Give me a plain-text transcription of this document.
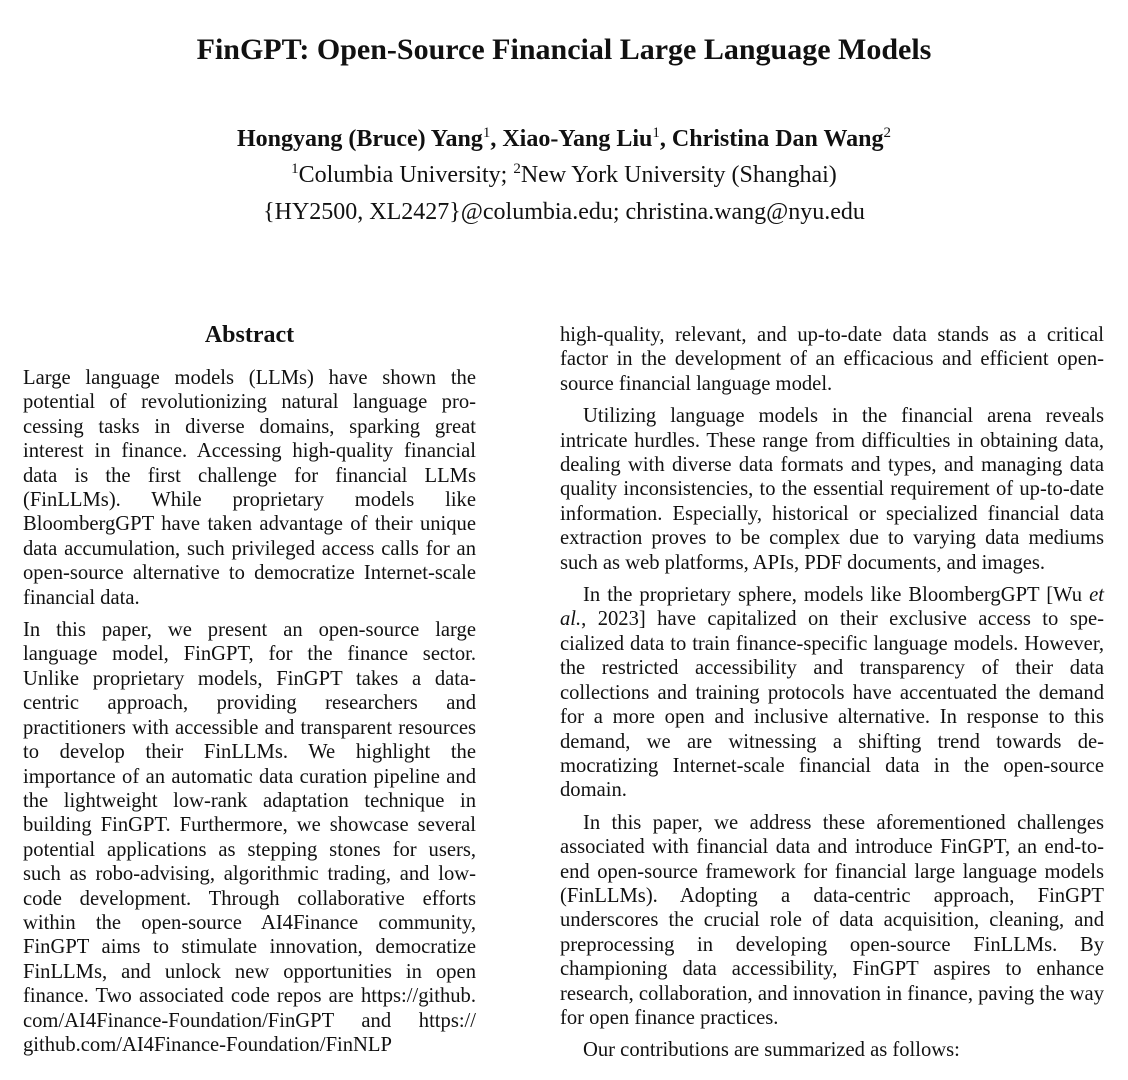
FinGPT: Open-Source Financial Large Language Models
Hongyang (Bruce) Yang$^1$, Xiao-Yang Liu$^1$, Christina Dan Wang$^2$
$^1$Columbia University; $^2$New York University (Shanghai)
{HY2500, XL2427}@columbia.edu; christina.wang@nyu.edu
Abstract

Large language models (LLMs) have shown the potential of revolutionizing natural language processing tasks in diverse domains, sparking great interest in finance. Accessing high-quality financial data is the first challenge for financial LLMs (FinLLMs). While proprietary models like BloombergGPT have taken advantage of their unique data accumulation, such privileged access calls for an open-source alternative to democratize Internet-scale financial data.

In this paper, we present an open-source large language model, FinGPT, for the finance sector. Unlike proprietary models, FinGPT takes a data-centric approach, providing researchers and practitioners with accessible and transparent resources to develop their FinLLMs. We highlight the importance of an automatic data curation pipeline and the lightweight low-rank adaptation technique in building FinGPT. Furthermore, we showcase several potential applications as stepping stones for users, such as robo-advising, algorithmic trading, and low-code development. Through collaborative efforts within the open-source AI4Finance community, FinGPT aims to stimulate innovation, democratize FinLLMs, and unlock new opportunities in open finance. Two associated code repos are https://github.​com/AI4Finance-Foundation/FinGPT and https://​github.com/AI4Finance-Foundation/FinNLP

high-quality, relevant, and up-to-date data stands as a critical factor in the development of an efficacious and efficient open-source financial language model.

Utilizing language models in the financial arena reveals intricate hurdles. These range from difficulties in obtaining data, dealing with diverse data formats and types, and managing data quality inconsistencies, to the essential requirement of up-to-date information. Especially, historical or specialized financial data extraction proves to be complex due to varying data mediums such as web platforms, APIs, PDF documents, and images.

In the proprietary sphere, models like BloombergGPT [Wu et al., 2023] have capitalized on their exclusive access to specialized data to train finance-specific language models. However, the restricted accessibility and transparency of their data collections and training protocols have accentuated the demand for a more open and inclusive alternative. In response to this demand, we are witnessing a shifting trend towards democratizing Internet-scale financial data in the open-source domain.

In this paper, we address these aforementioned challenges associated with financial data and introduce FinGPT, an end-to-end open-source framework for financial large language models (FinLLMs). Adopting a data-centric approach, FinGPT underscores the crucial role of data acquisition, cleaning, and preprocessing in developing open-source FinLLMs. By championing data accessibility, FinGPT aspires to enhance research, collaboration, and innovation in finance, paving the way for open finance practices.

Our contributions are summarized as follows:
